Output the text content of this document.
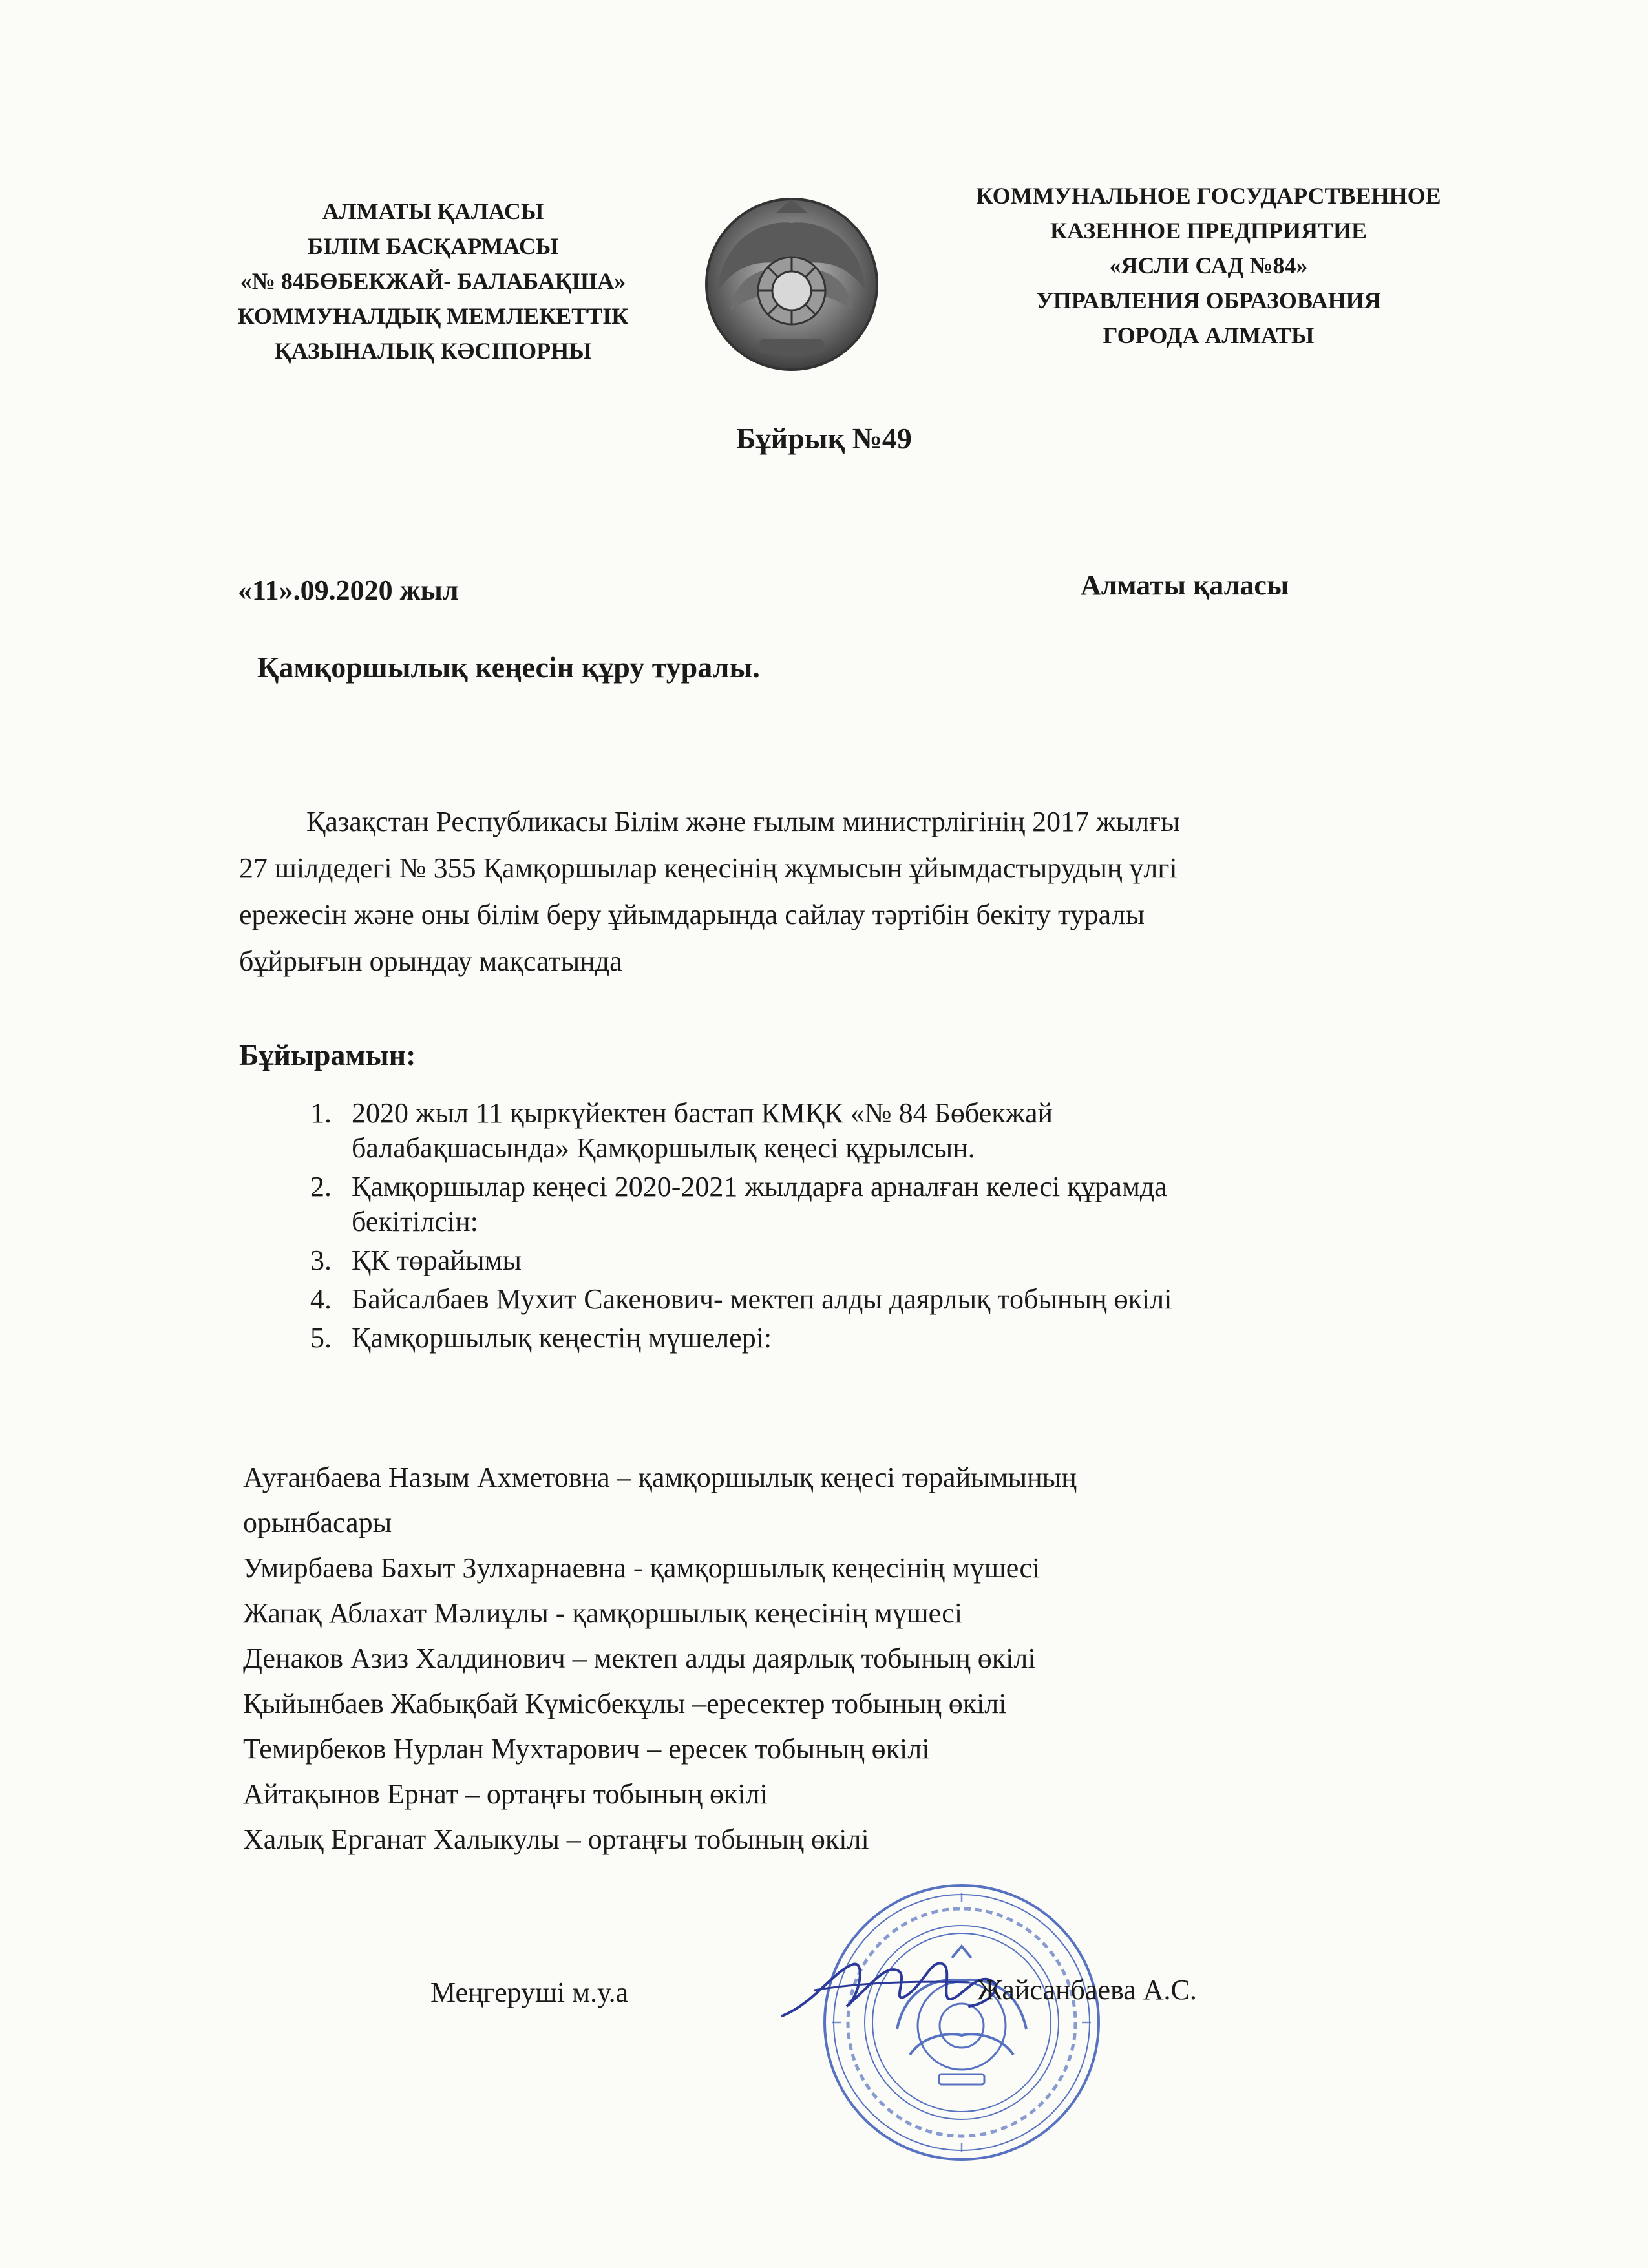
АЛМАТЫ ҚАЛАСЫ
БІЛІМ БАСҚАРМАСЫ
«№ 84БӨБЕКЖАЙ- БАЛАБАҚША»
КОММУНАЛДЫҚ МЕМЛЕКЕТТІК
ҚАЗЫНАЛЫҚ КӘСІПОРНЫ
КОММУНАЛЬНОЕ ГОСУДАРСТВЕННОЕ
КАЗЕННОЕ ПРЕДПРИЯТИЕ
«ЯСЛИ САД №84»
УПРАВЛЕНИЯ ОБРАЗОВАНИЯ
ГОРОДА АЛМАТЫ
Бұйрық №49
«11».09.2020 жыл	Алматы қаласы
Қамқоршылық кеңесін құру туралы.

Қазақстан Республикасы Білім және ғылым министрлігінің 2017 жылғы

27 шілдедегі № 355 Қамқоршылар кеңесінің жұмысын ұйымдастырудың үлгі

ережесін және оны білім беру ұйымдарында сайлау тәртібін бекіту туралы

бұйрығын орындау мақсатында

Бұйырамын:
1. 2020 жыл 11 қыркүйектен бастап КМҚК «№ 84 Бөбекжай
балабақшасында» Қамқоршылық кеңесі құрылсын.
2. Қамқоршылар кеңесі 2020-2021 жылдарға арналған келесі құрамда
бекітілсін:
3. ҚК төрайымы
4. Байсалбаев Мухит Сакенович- мектеп алды даярлық тобының өкілі
5. Қамқоршылық кеңестің мүшелері:
Ауғанбаева Назым Ахметовна – қамқоршылық кеңесі төрайымының
орынбасары
Умирбаева Бахыт Зулхарнаевна - қамқоршылық кеңесінің мүшесі
Жапақ Аблахат Мәлиұлы - қамқоршылық кеңесінің мүшесі
Денаков Азиз Халдинович – мектеп алды даярлық тобының өкілі
Қыйынбаев Жабықбай Күмісбекұлы –ересектер тобының өкілі
Темирбеков Нурлан Мухтарович – ересек тобының өкілі
Айтақынов Ернат – ортаңғы тобының өкілі
Халық Ерганат Халыкулы – ортаңғы тобының өкілі
Меңгеруші м.у.а	Жайсанбаева А.С.
